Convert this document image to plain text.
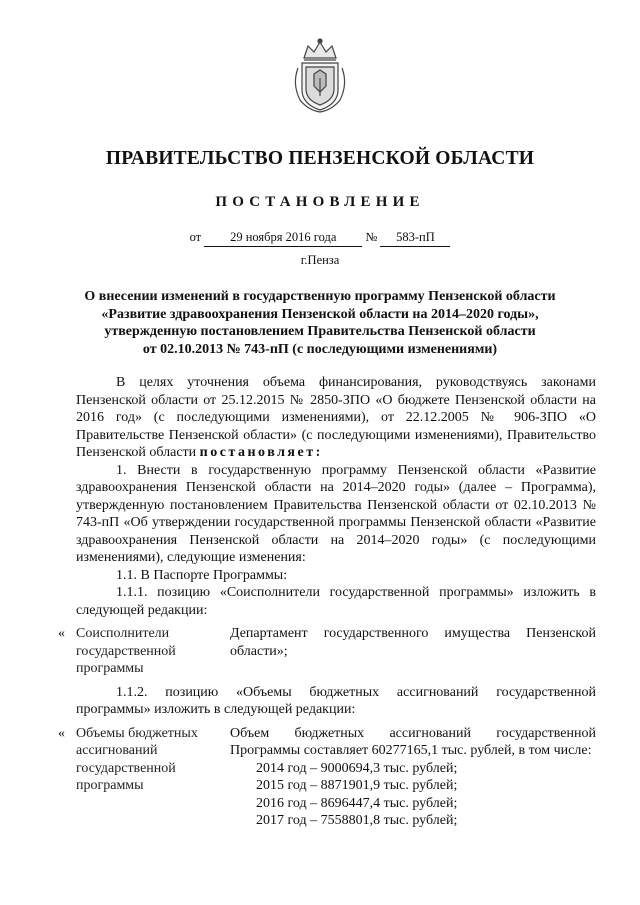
ПРАВИТЕЛЬСТВО ПЕНЗЕНСКОЙ ОБЛАСТИ
ПОСТАНОВЛЕНИЕ
от 29 ноября 2016 года № 583-пП
г.Пенза
О внесении изменений в государственную программу Пензенской области
«Развитие здравоохранения Пензенской области на 2014–2020 годы»,
утвержденную постановлением Правительства Пензенской области
от 02.10.2013 № 743-пП (с последующими изменениями)

В целях уточнения объема финансирования, руководствуясь законами Пензенской области от 25.12.2015 № 2850-ЗПО «О бюджете Пензенской области на 2016 год» (с последующими изменениями), от 22.12.2005 № 906-ЗПО «О Правительстве Пензенской области» (с последующими изменениями), Правительство Пензенской области постановляет:

1. Внести в государственную программу Пензенской области «Развитие здравоохранения Пензенской области на 2014–2020 годы» (далее – Программа), утвержденную постановлением Правительства Пензенской области от 02.10.2013 № 743-пП «Об утверждении государственной программы Пензенской области «Развитие здравоохранения Пензенской области на 2014–2020 годы» (с последующими изменениями), следующие изменения:

1.1. В Паспорте Программы:

1.1.1. позицию «Соисполнители государственной программы» изложить в следующей редакции:

« Соисполнители государственной программы
Департамент государственного имущества Пензенской области»;

1.1.2. позицию «Объемы бюджетных ассигнований государственной программы» изложить в следующей редакции:

« Объемы бюджетных ассигнований государственной программы
Объем бюджетных ассигнований государственной Программы составляет 60277165,1 тыс. рублей, в том числе:
2014 год – 9000694,3 тыс. рублей;
2015 год – 8871901,9 тыс. рублей;
2016 год – 8696447,4 тыс. рублей;
2017 год – 7558801,8 тыс. рублей;
